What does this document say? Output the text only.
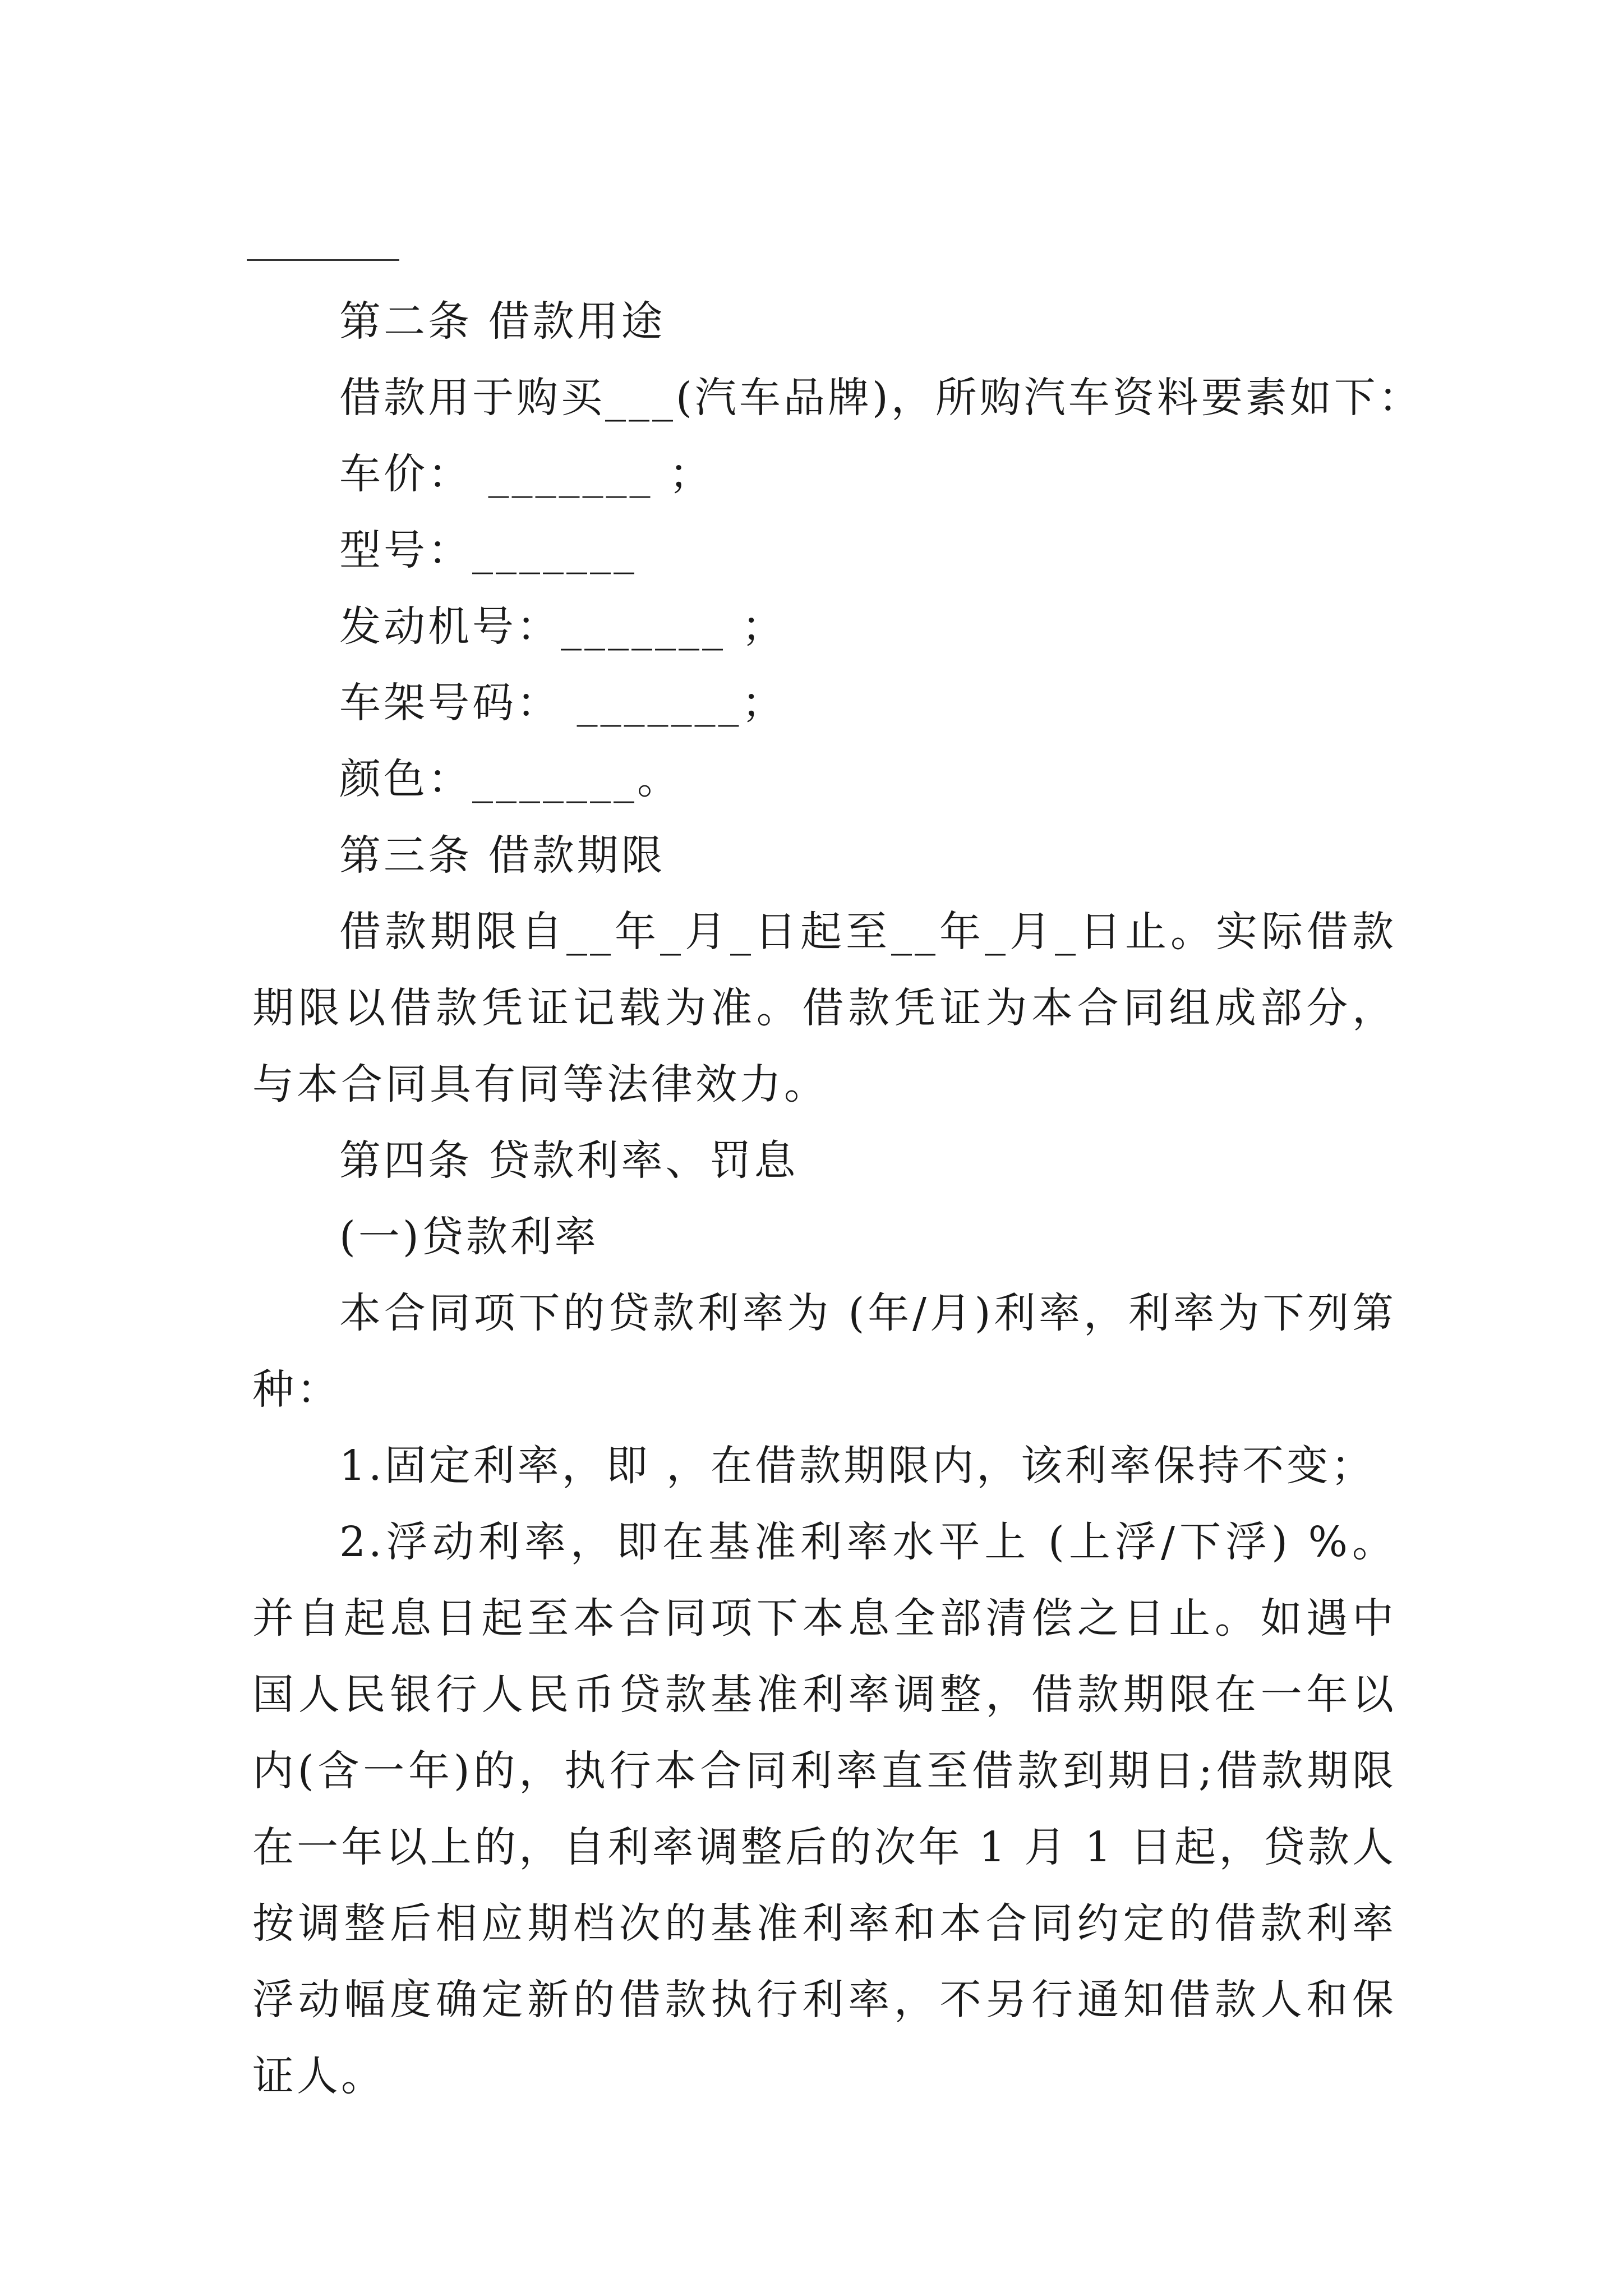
第二条 借款用途

借款用于购买___(汽车品牌)，所购汽车资料要素如下：

车价： _______ ；

型号：_______

发动机号：_______ ；

车架号码： _______；

颜色：_______。

第三条 借款期限

借款期限自__年_月_日起至__年_月_日止。实际借款期限以借款凭证记载为准。借款凭证为本合同组成部分，与本合同具有同等法律效力。

第四条 贷款利率、罚息

(一)贷款利率

本合同项下的贷款利率为 (年/月)利率，利率为下列第 种：

1.固定利率，即 ，在借款期限内，该利率保持不变；

2.浮动利率，即在基准利率水平上 (上浮/下浮) %。并自起息日起至本合同项下本息全部清偿之日止。如遇中国人民银行人民币贷款基准利率调整，借款期限在一年以内(含一年)的，执行本合同利率直至借款到期日;借款期限在一年以上的，自利率调整后的次年 1 月 1 日起，贷款人按调整后相应期档次的基准利率和本合同约定的借款利率浮动幅度确定新的借款执行利率，不另行通知借款人和保证人。
